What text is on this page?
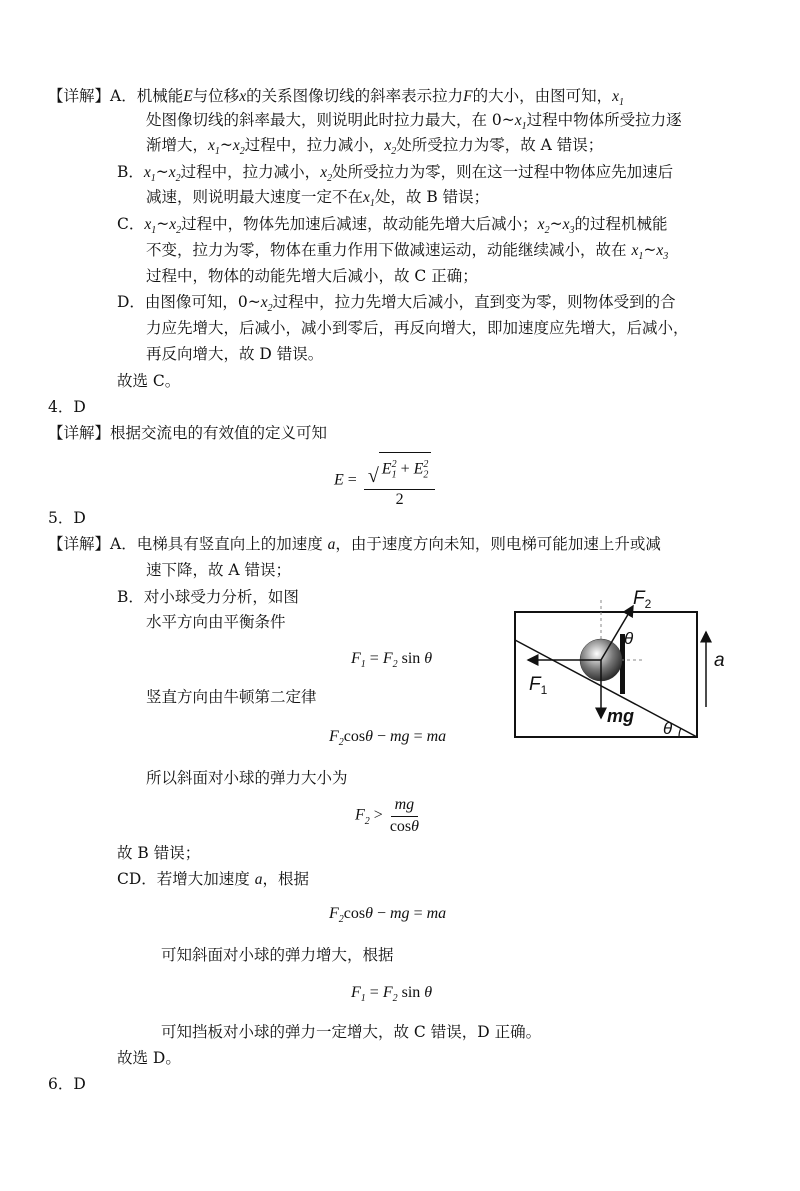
【详解】A．机械能E与位移x的关系图像切线的斜率表示拉力F的大小，由图可知，$x_1$
处图像切线的斜率最大，则说明此时拉力最大，在 $0\sim x_1$过程中物体所受拉力逐
渐增大，$x_1\sim x_2$过程中，拉力减小，$x_2$处所受拉力为零，故 A 错误；
B．$x_1\sim x_2$过程中，拉力减小，$x_2$处所受拉力为零，则在这一过程中物体应先加速后
减速，则说明最大速度一定不在$x_1$处，故 B 错误；
C．$x_1\sim x_2$过程中，物体先加速后减速，故动能先增大后减小；$x_2\sim x_3$的过程机械能
不变，拉力为零，物体在重力作用下做减速运动，动能继续减小，故在 $x_1\sim x_3$
过程中，物体的动能先增大后减小，故 C 正确；
D．由图像可知，$0\sim x_2$过程中，拉力先增大后减小，直到变为零，则物体受到的合
力应先增大，后减小，减小到零后，再反向增大，即加速度应先增大，后减小，
再反向增大，故 D 错误。
故选 C。
4．D
【详解】根据交流电的有效值的定义可知
$E = \frac{√ E_1^2 + E_2^2}{2}$
5．D
【详解】A．电梯具有竖直向上的加速度 a，由于速度方向未知，则电梯可能加速上升或减
速下降，故 A 错误；
B．对小球受力分析，如图
水平方向由平衡条件
$F_1 = F_2$ sin θ
竖直方向由牛顿第二定律
$F_2\cos\theta$ − mg = ma
所以斜面对小球的弹力大小为
$F_2 > \frac{mg}{\cos\theta}$
故 B 错误；
CD．若增大加速度 a，根据
$F_2\cos\theta$ − mg = ma
可知斜面对小球的弹力增大，根据
$F_1 = F_2$ sin θ
可知挡板对小球的弹力一定增大，故 C 错误，D 正确。
故选 D。
6．D
$F_2$
θ
$F_1$
mg
θ
a
